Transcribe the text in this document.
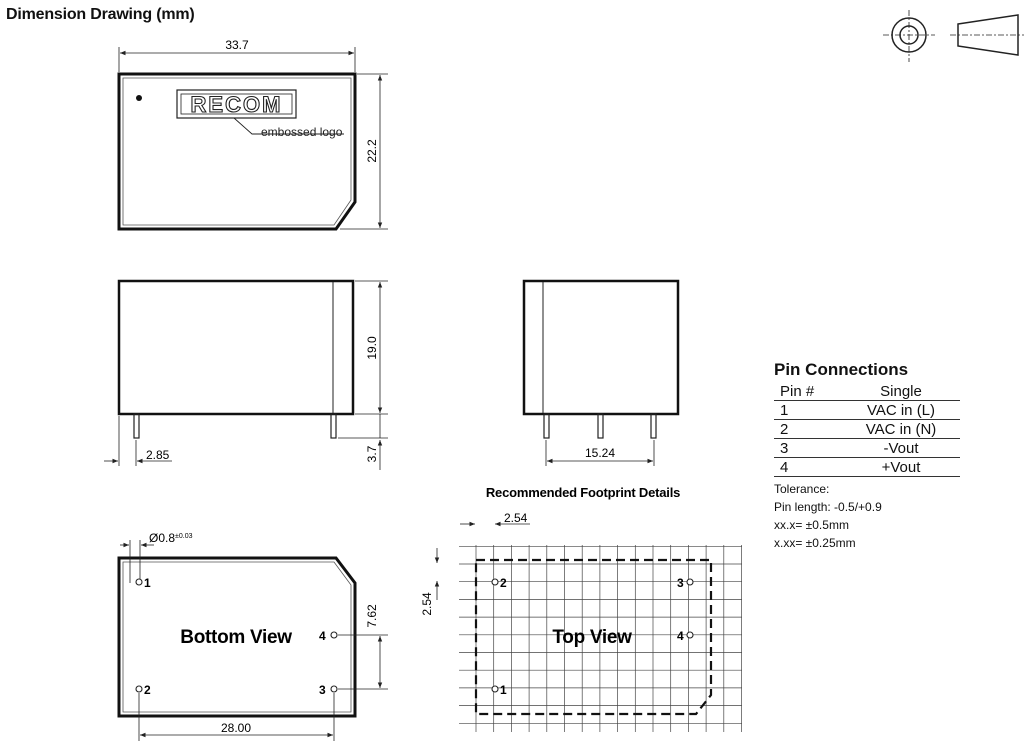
Dimension Drawing (mm)
RECOM
embossed logo
33.7
22.2
19.0
3.7
2.85	15.24
$Ø0.8^{\pm 0.03}$
1
2
4
3
Bottom View
7.62
28.00
Recommended Footprint Details
2.54
2.54
2
1
3
4
Top View
Pin Connections
Pin #	Single
1	VAC in (L)
2	VAC in (N)
3	-Vout
4	+Vout
Tolerance:
Pin length: -0.5/+0.9
xx.x= ±0.5mm
x.xx= ±0.25mm
